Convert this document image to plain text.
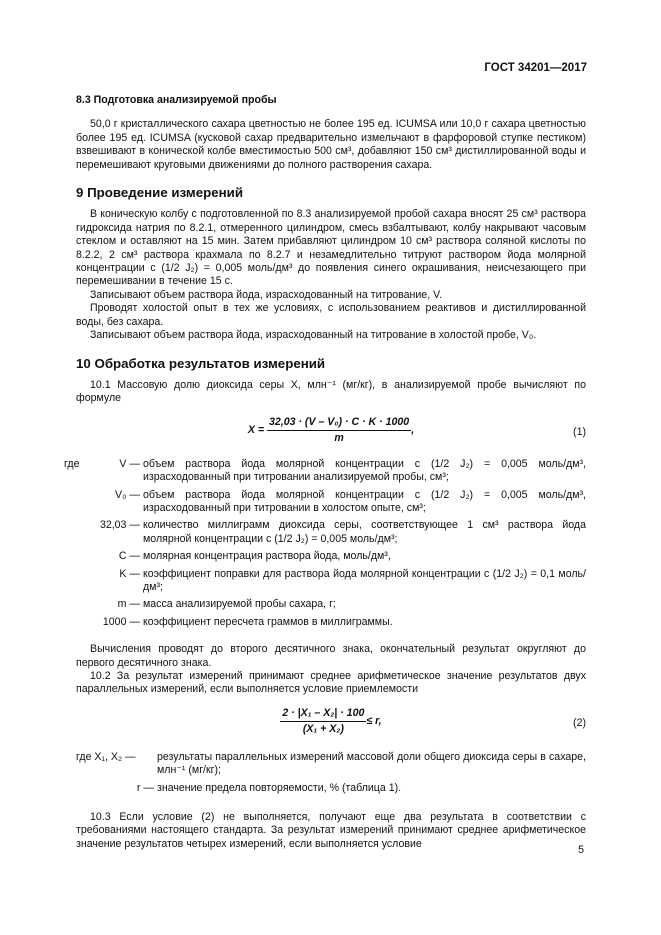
ГОСТ 34201—2017

8.3 Подготовка анализируемой пробы

50,0 г кристаллического сахара цветностью не более 195 ед. ICUMSA или 10,0 г сахара цветностью более 195 ед. ICUMSA (кусковой сахар предварительно измельчают в фарфоровой ступке пестиком) взвешивают в конической колбе вместимостью 500 см³, добавляют 150 см³ дистиллированной воды и перемешивают круговыми движениями до полного растворения сахара.

9 Проведение измерений

В коническую колбу с подготовленной по 8.3 анализируемой пробой сахара вносят 25 см³ раствора гидроксида натрия по 8.2.1, отмеренного цилиндром, смесь взбалтывают, колбу накрывают часовым стеклом и оставляют на 15 мин. Затем прибавляют цилиндром 10 см³ раствора соляной кислоты по 8.2.2, 2 см³ раствора крахмала по 8.2.7 и незамедлительно титруют раствором йода молярной концентрации с (1/2 J₂) = 0,005 моль/дм³ до появления синего окрашивания, неисчезающего при перемешивании в течение 15 с.

Записывают объем раствора йода, израсходованный на титрование, V.

Проводят холостой опыт в тех же условиях, с использованием реактивов и дистиллированной воды, без сахара.

Записывают объем раствора йода, израсходованный на титрование в холостой пробе, V₀.

10 Обработка результатов измерений

10.1 Массовую долю диоксида серы X, млн⁻¹ (мг/кг), в анализируемой пробе вычисляют по формуле

$X = \frac{\text{32,03 · (V – V₀) · C · K · 1000}}{m}$ ,	(1)
где	V —	объем раствора йода молярной концентрации с (1/2 J₂) = 0,005 моль/дм³, израсходованный при титровании анализируемой пробы, см³;
	V₀ —	объем раствора йода молярной концентрации с (1/2 J₂) = 0,005 моль/дм³, израсходованный при титровании в холостом опыте, см³;
	32,03 —	количество миллиграмм диоксида серы, соответствующее 1 см³ раствора йода молярной концентрации с (1/2 J₂) = 0,005 моль/дм³;
	C —	молярная концентрация раствора йода, моль/дм³,
	K —	коэффициент поправки для раствора йода молярной концентрации с (1/2 J₂) = 0,1 моль/дм³;
	m —	масса анализируемой пробы сахара, г;
	1000 —	коэффициент пересчета граммов в миллиграммы.

Вычисления проводят до второго десятичного знака, окончательный результат округляют до первого десятичного знака.

10.2 За результат измерений принимают среднее арифметическое значение результатов двух параллельных измерений, если выполняется условие приемлемости

$\frac{\text{2 · |X₁ – X₂| · 100}}{\text{(X₁ + X₂)}} \le r$,	(2)
где X₁, X₂ —	результаты параллельных измерений массовой доли общего диоксида серы в сахаре, млн⁻¹ (мг/кг);
r —	значение предела повторяемости, % (таблица 1).

10.3 Если условие (2) не выполняется, получают еще два результата в соответствии с требованиями настоящего стандарта. За результат измерений принимают среднее арифметическое значение результатов четырех измерений, если выполняется условие

5
